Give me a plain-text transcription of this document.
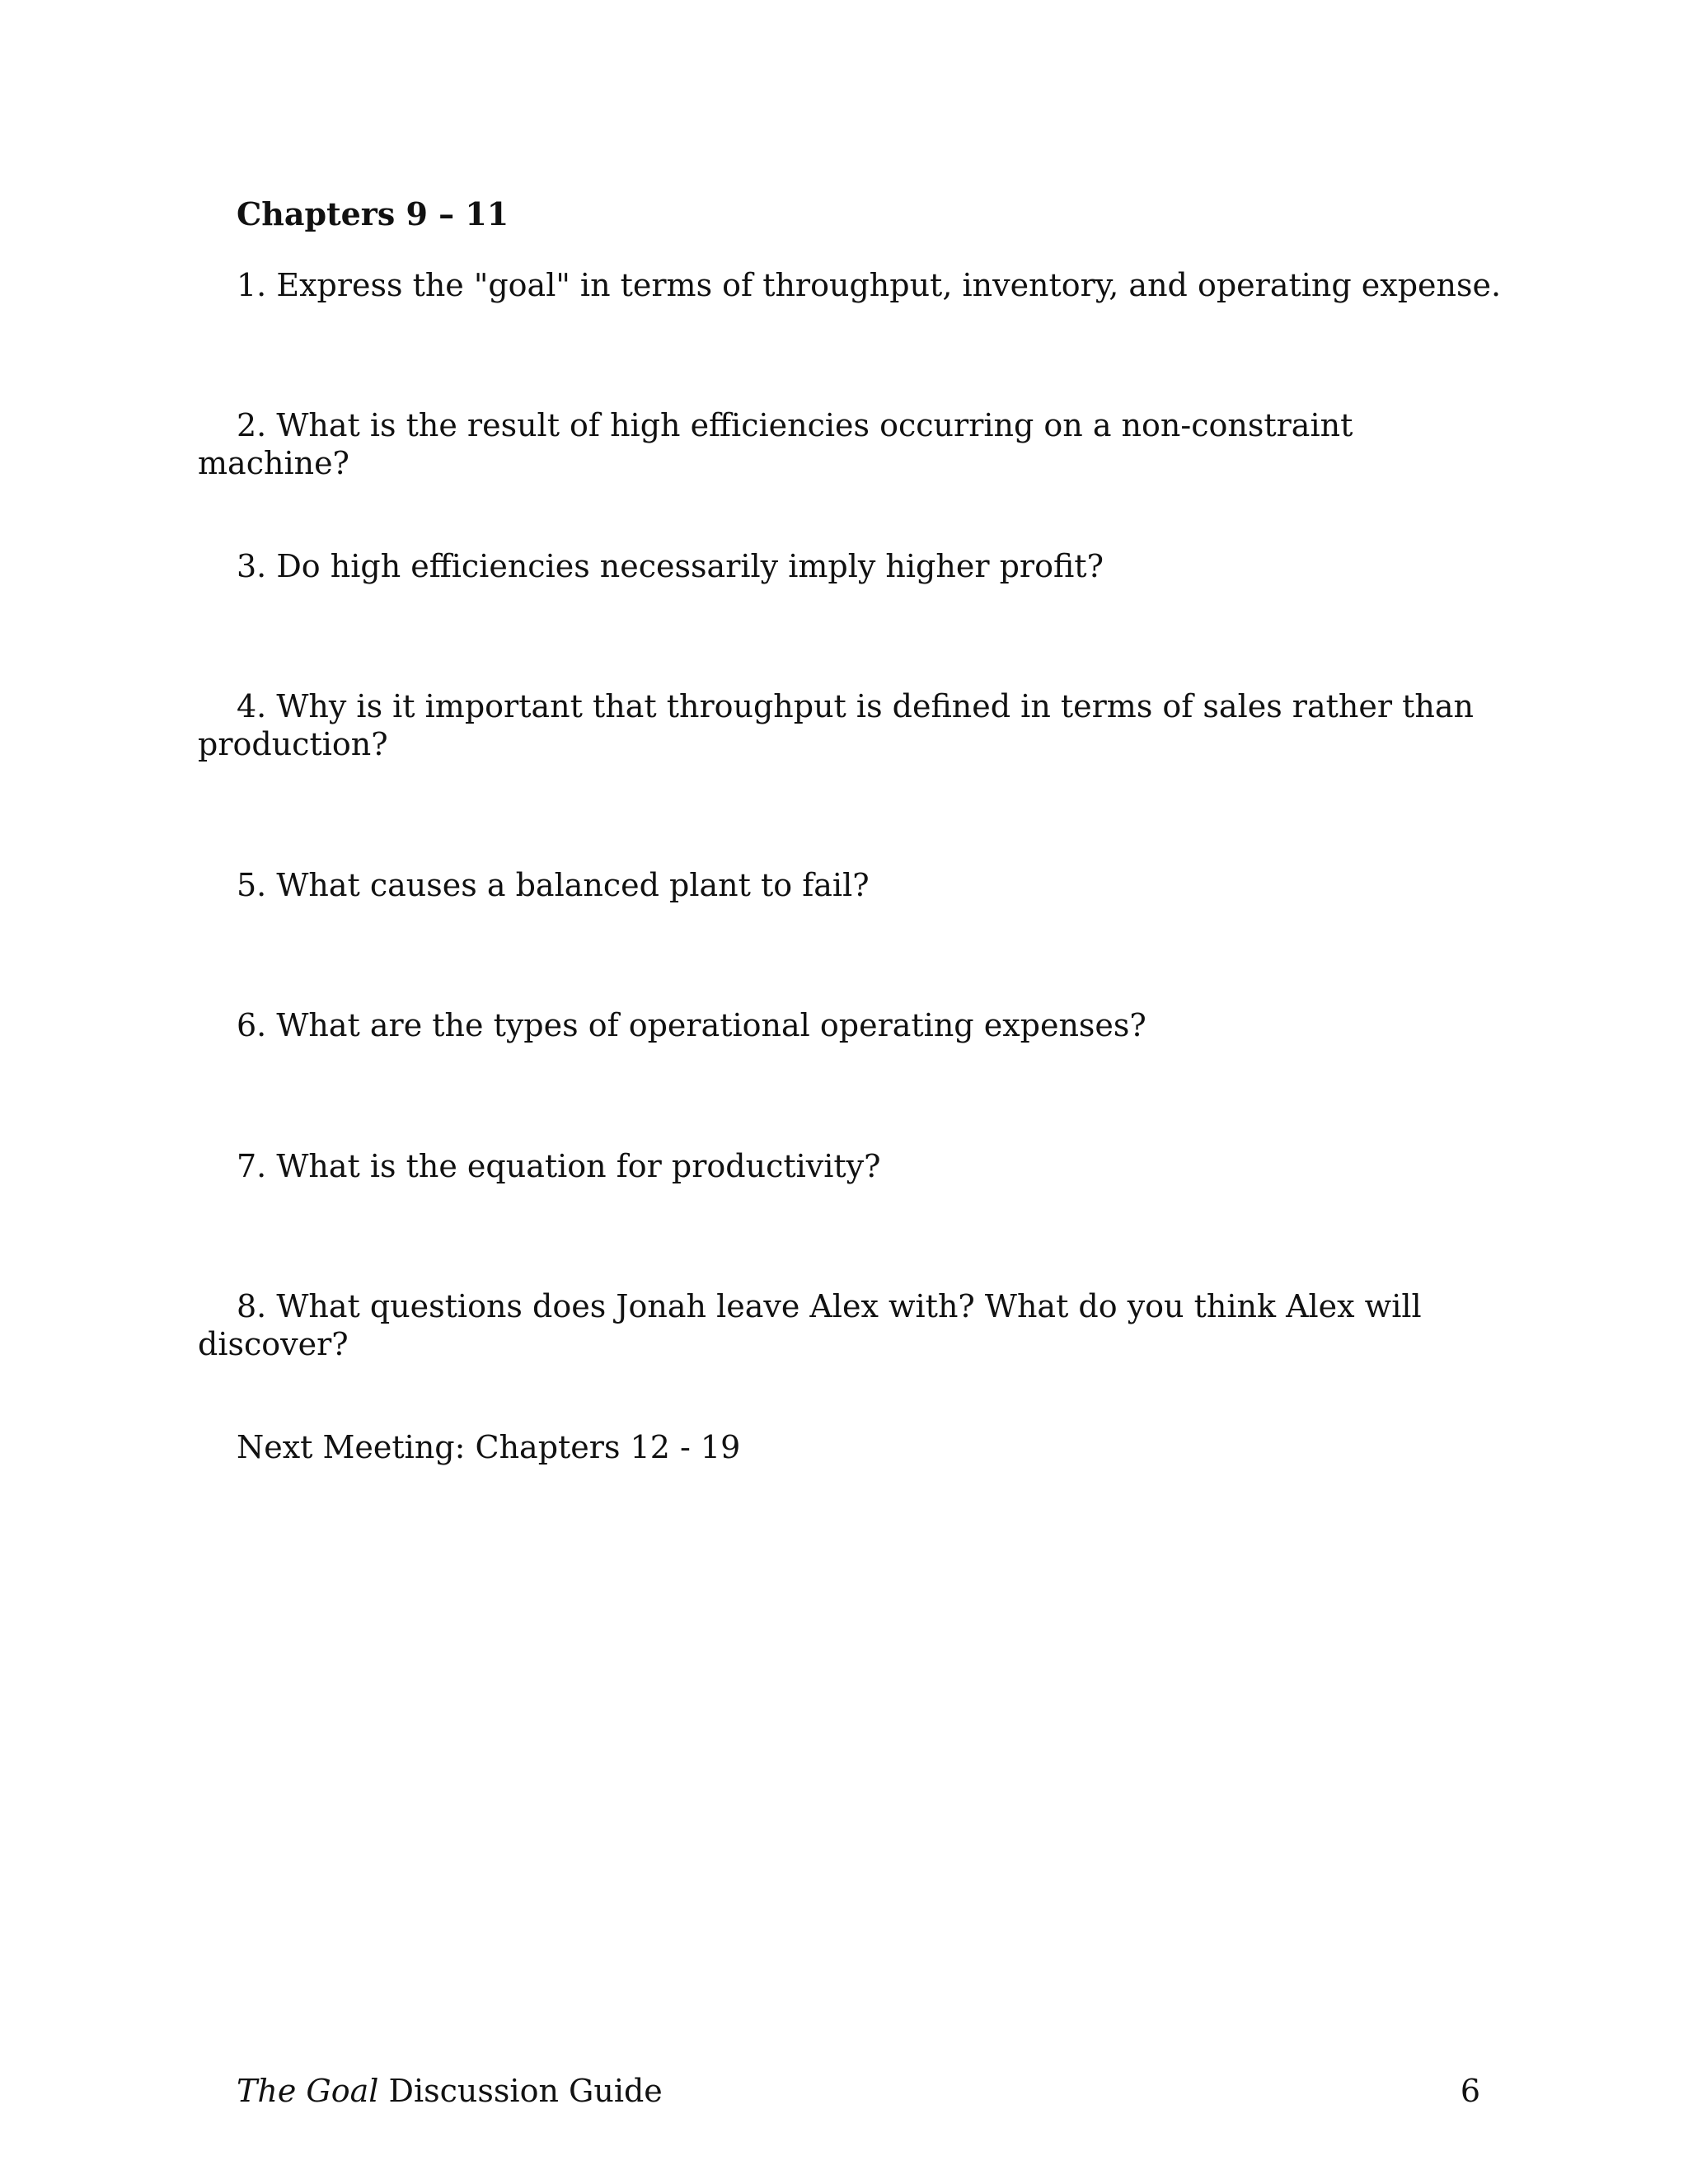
Chapters 9 – 11
1. Express the "goal" in terms of throughput, inventory, and operating expense.
2. What is the result of high efficiencies occurring on a non-constraint machine?
3. Do high efficiencies necessarily imply higher profit?
4. Why is it important that throughput is defined in terms of sales rather than production?
5. What causes a balanced plant to fail?
6. What are the types of operational operating expenses?
7. What is the equation for productivity?
8. What questions does Jonah leave Alex with? What do you think Alex will discover?
Next Meeting: Chapters 12 - 19
The Goal Discussion Guide	6
